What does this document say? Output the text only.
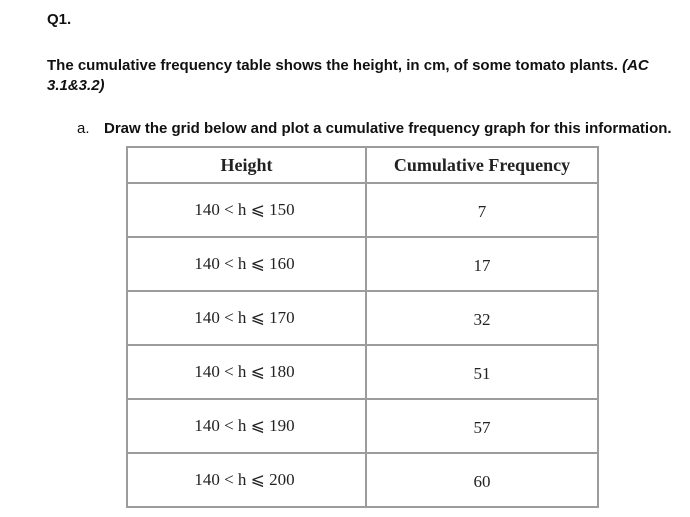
Q1.
The cumulative frequency table shows the height, in cm, of some tomato plants. (AC 3.1&3.2)
a. Draw the grid below and plot a cumulative frequency graph for this information.
Height	Cumulative Frequency
140 < h ⩽ 150	7
140 < h ⩽ 160	17
140 < h ⩽ 170	32
140 < h ⩽ 180	51
140 < h ⩽ 190	57
140 < h ⩽ 200	60
